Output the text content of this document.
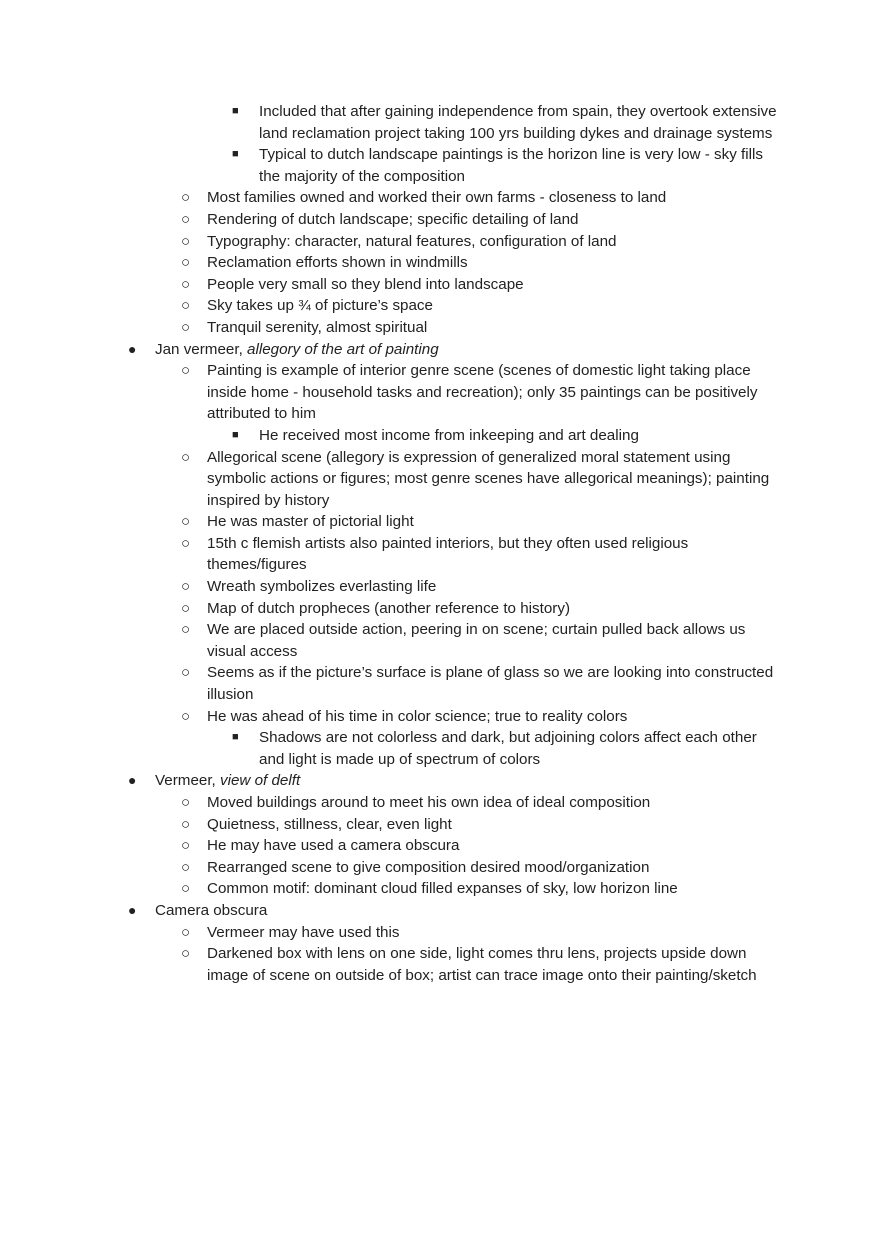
■ Included that after gaining independence from spain, they overtook extensive land reclamation project taking 100 yrs building dykes and drainage systems
■ Typical to dutch landscape paintings is the horizon line is very low - sky fills the majority of the composition
○ Most families owned and worked their own farms - closeness to land
○ Rendering of dutch landscape; specific detailing of land
○ Typography: character, natural features, configuration of land
○ Reclamation efforts shown in windmills
○ People very small so they blend into landscape
○ Sky takes up ¾ of picture’s space
○ Tranquil serenity, almost spiritual
● Jan vermeer, allegory of the art of painting
○ Painting is example of interior genre scene (scenes of domestic light taking place inside home - household tasks and recreation); only 35 paintings can be positively attributed to him
■ He received most income from inkeeping and art dealing
○ Allegorical scene (allegory is expression of generalized moral statement using symbolic actions or figures; most genre scenes have allegorical meanings); painting inspired by history
○ He was master of pictorial light
○ 15th c flemish artists also painted interiors, but they often used religious themes/figures
○ Wreath symbolizes everlasting life
○ Map of dutch propheces (another reference to history)
○ We are placed outside action, peering in on scene; curtain pulled back allows us visual access
○ Seems as if the picture’s surface is plane of glass so we are looking into constructed illusion
○ He was ahead of his time in color science; true to reality colors
■ Shadows are not colorless and dark, but adjoining colors affect each other and light is made up of spectrum of colors
● Vermeer, view of delft
○ Moved buildings around to meet his own idea of ideal composition
○ Quietness, stillness, clear, even light
○ He may have used a camera obscura
○ Rearranged scene to give composition desired mood/organization
○ Common motif: dominant cloud filled expanses of sky, low horizon line
● Camera obscura
○ Vermeer may have used this
○ Darkened box with lens on one side, light comes thru lens, projects upside down image of scene on outside of box; artist can trace image onto their painting/sketch
